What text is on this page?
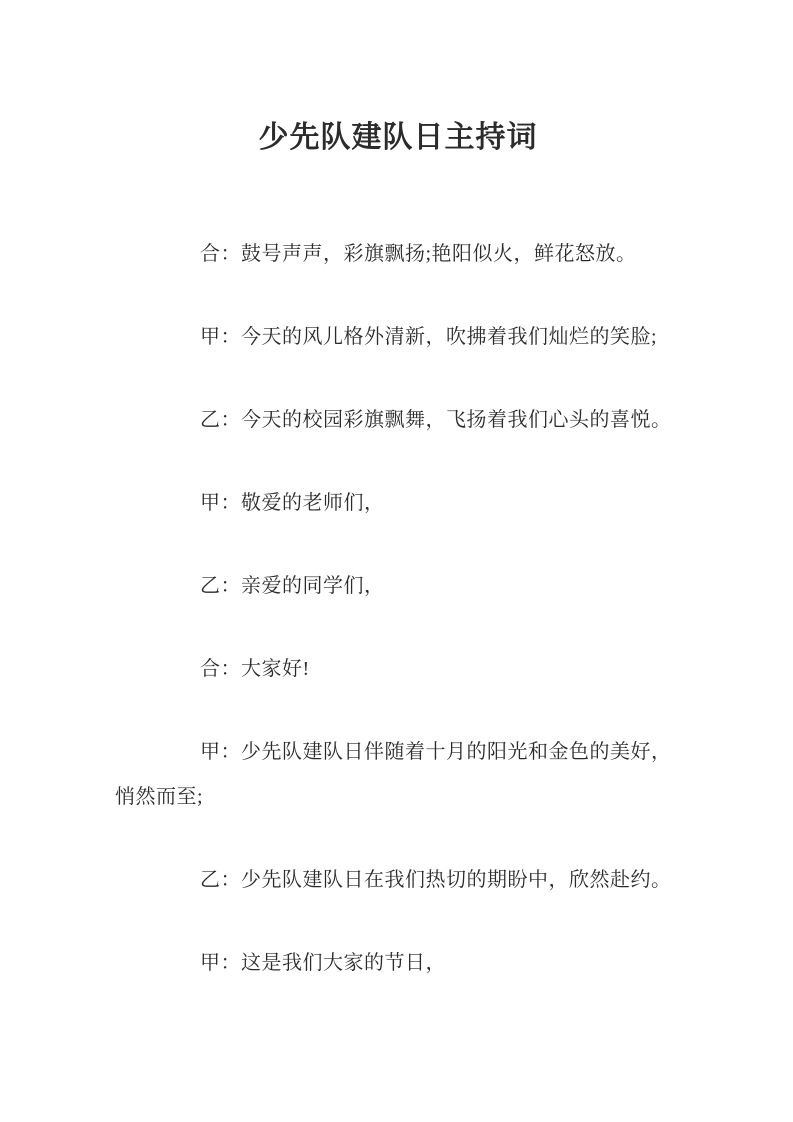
少先队建队日主持词

合：鼓号声声，彩旗飘扬;艳阳似火，鲜花怒放。

甲：今天的风儿格外清新，吹拂着我们灿烂的笑脸;

乙：今天的校园彩旗飘舞，飞扬着我们心头的喜悦。

甲：敬爱的老师们，

乙：亲爱的同学们，

合：大家好!

甲：少先队建队日伴随着十月的阳光和金色的美好，

悄然而至;

乙：少先队建队日在我们热切的期盼中，欣然赴约。

甲：这是我们大家的节日，
